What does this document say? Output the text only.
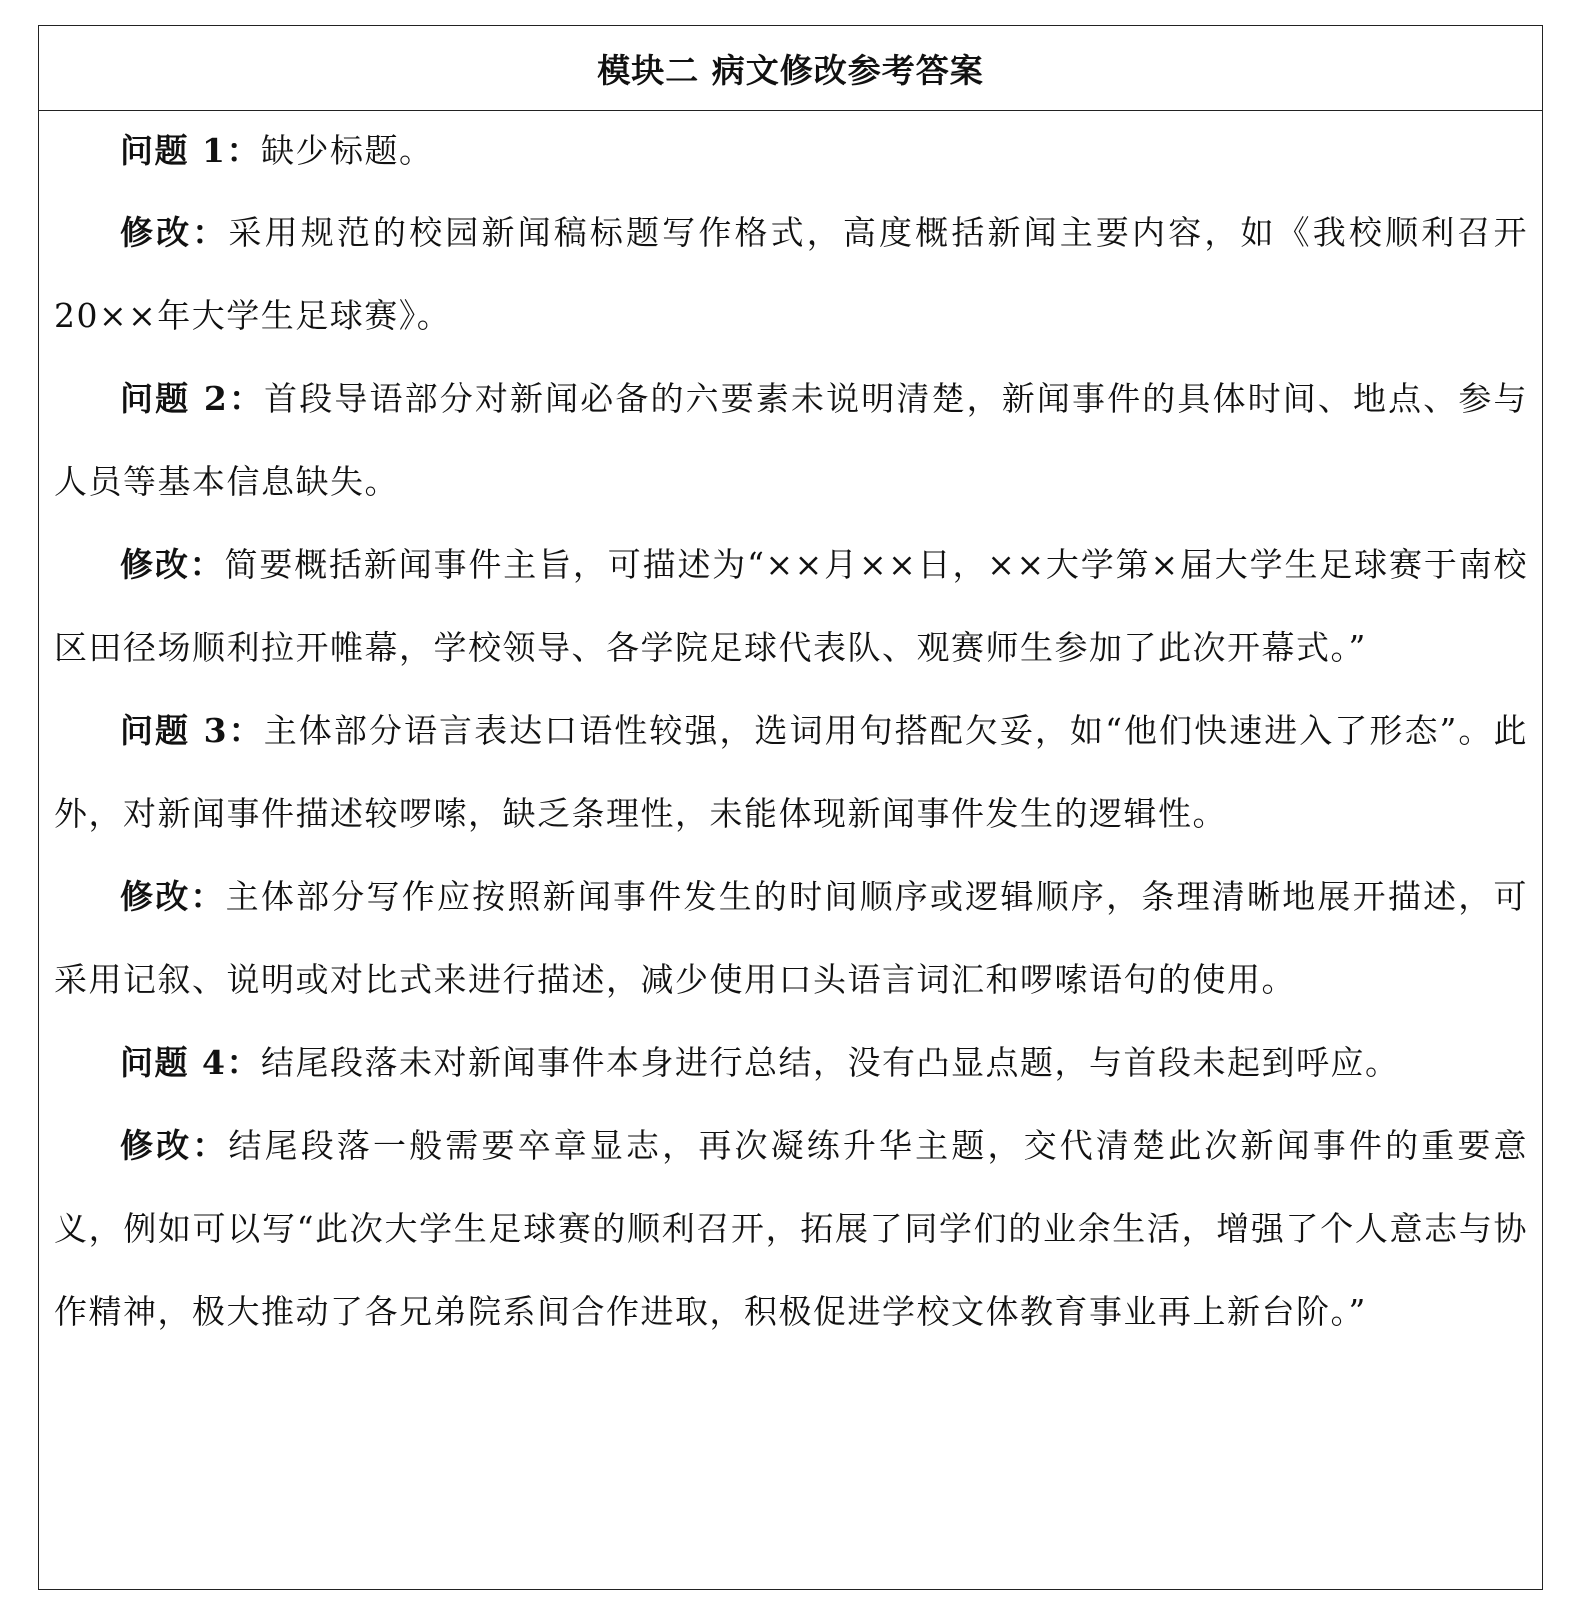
模块二 病文修改参考答案

问题 1：缺少标题。

修改：采用规范的校园新闻稿标题写作格式，高度概括新闻主要内容，如《我校顺利召开 20××年大学生足球赛》。

问题 2：首段导语部分对新闻必备的六要素未说明清楚，新闻事件的具体时间、地点、参与人员等基本信息缺失。

修改：简要概括新闻事件主旨，可描述为“××月××日，××大学第×届大学生足球赛于南校区田径场顺利拉开帷幕，学校领导、各学院足球代表队、观赛师生参加了此次开幕式。”

问题 3：主体部分语言表达口语性较强，选词用句搭配欠妥，如“他们快速进入了形态”。此外，对新闻事件描述较啰嗦，缺乏条理性，未能体现新闻事件发生的逻辑性。

修改：主体部分写作应按照新闻事件发生的时间顺序或逻辑顺序，条理清晰地展开描述，可采用记叙、说明或对比式来进行描述，减少使用口头语言词汇和啰嗦语句的使用。

问题 4：结尾段落未对新闻事件本身进行总结，没有凸显点题，与首段未起到呼应。

修改：结尾段落一般需要卒章显志，再次凝练升华主题，交代清楚此次新闻事件的重要意义，例如可以写“此次大学生足球赛的顺利召开，拓展了同学们的业余生活，增强了个人意志与协作精神，极大推动了各兄弟院系间合作进取，积极促进学校文体教育事业再上新台阶。”
